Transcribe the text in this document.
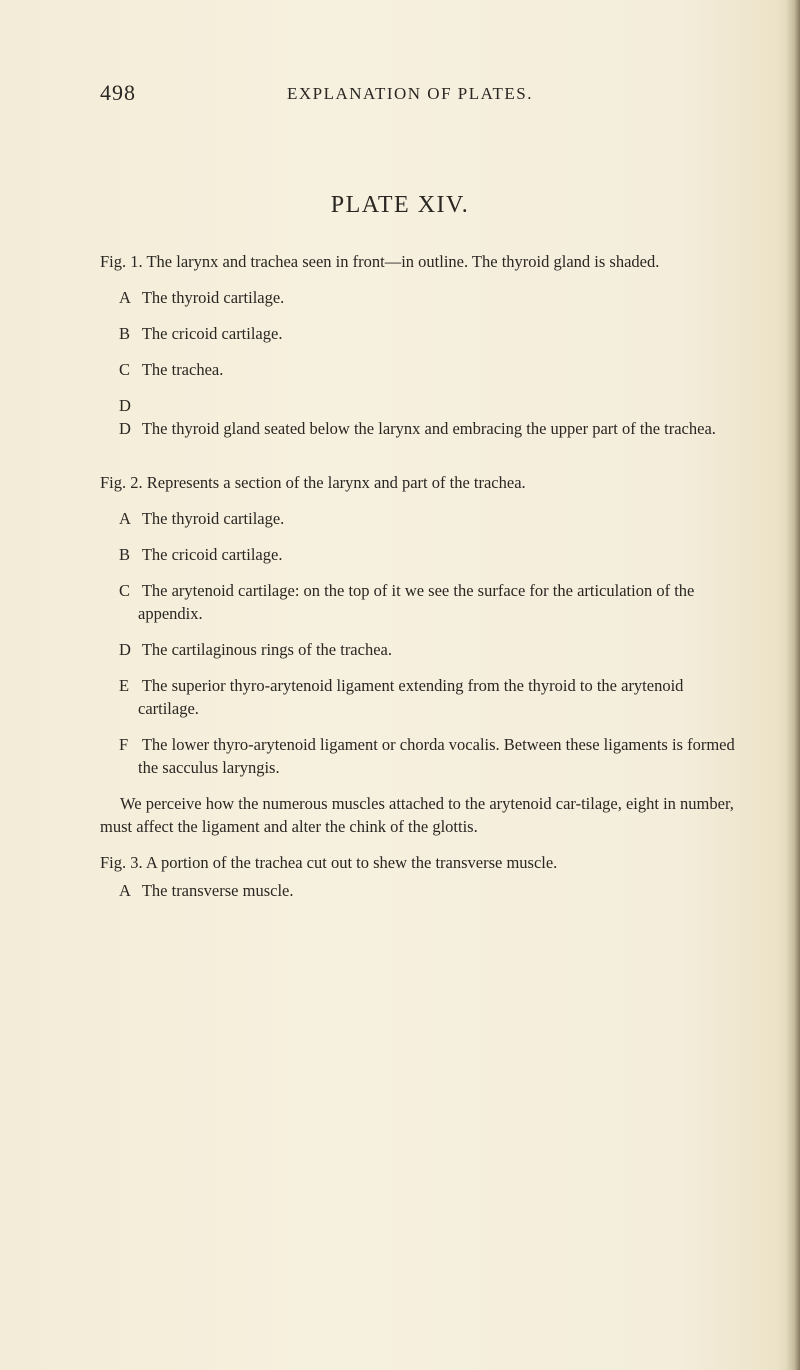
498	EXPLANATION OF PLATES.
PLATE XIV.

Fig. 1. The larynx and trachea seen in front—in outline. The thyroid gland is shaded.

A The thyroid cartilage.

B The cricoid cartilage.

C The trachea.

D D The thyroid gland seated below the larynx and embracing the upper part of the trachea.

Fig. 2. Represents a section of the larynx and part of the trachea.

A The thyroid cartilage.

B The cricoid cartilage.

C The arytenoid cartilage: on the top of it we see the surface for the articulation of the appendix.

D The cartilaginous rings of the trachea.

E The superior thyro-arytenoid ligament extending from the thyroid to the arytenoid cartilage.

F The lower thyro-arytenoid ligament or chorda vocalis. Between these ligaments is formed the sacculus laryngis.

We perceive how the numerous muscles attached to the arytenoid car-tilage, eight in number, must affect the ligament and alter the chink of the glottis.

Fig. 3. A portion of the trachea cut out to shew the transverse muscle.

A The transverse muscle.
